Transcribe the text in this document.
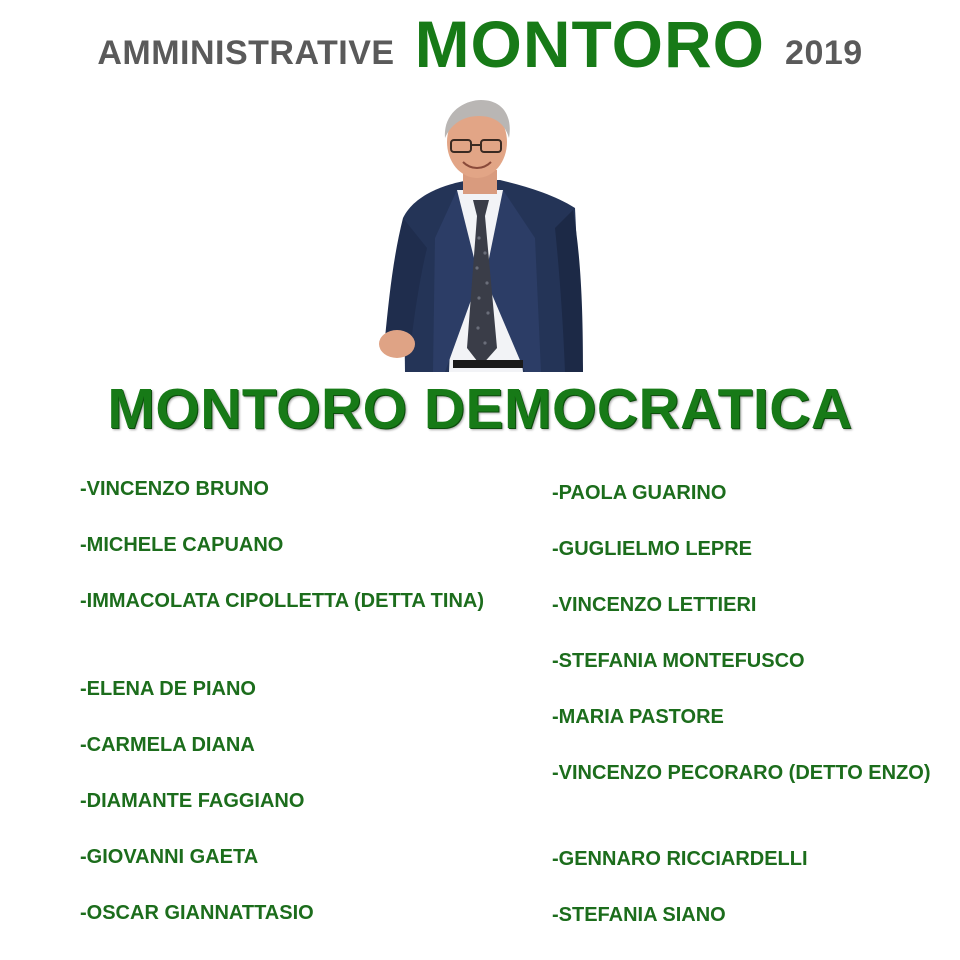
AMMINISTRATIVE MONTORO 2019
MONTORO DEMOCRATICA
-VINCENZO BRUNO
-MICHELE CAPUANO
-IMMACOLATA CIPOLLETTA (DETTA TINA)
-ELENA DE PIANO
-CARMELA DIANA
-DIAMANTE FAGGIANO
-GIOVANNI GAETA
-OSCAR GIANNATTASIO
-PAOLA GUARINO
-GUGLIELMO LEPRE
-VINCENZO LETTIERI
-STEFANIA MONTEFUSCO
-MARIA PASTORE
-VINCENZO PECORARO (DETTO ENZO)
-GENNARO RICCIARDELLI
-STEFANIA SIANO
